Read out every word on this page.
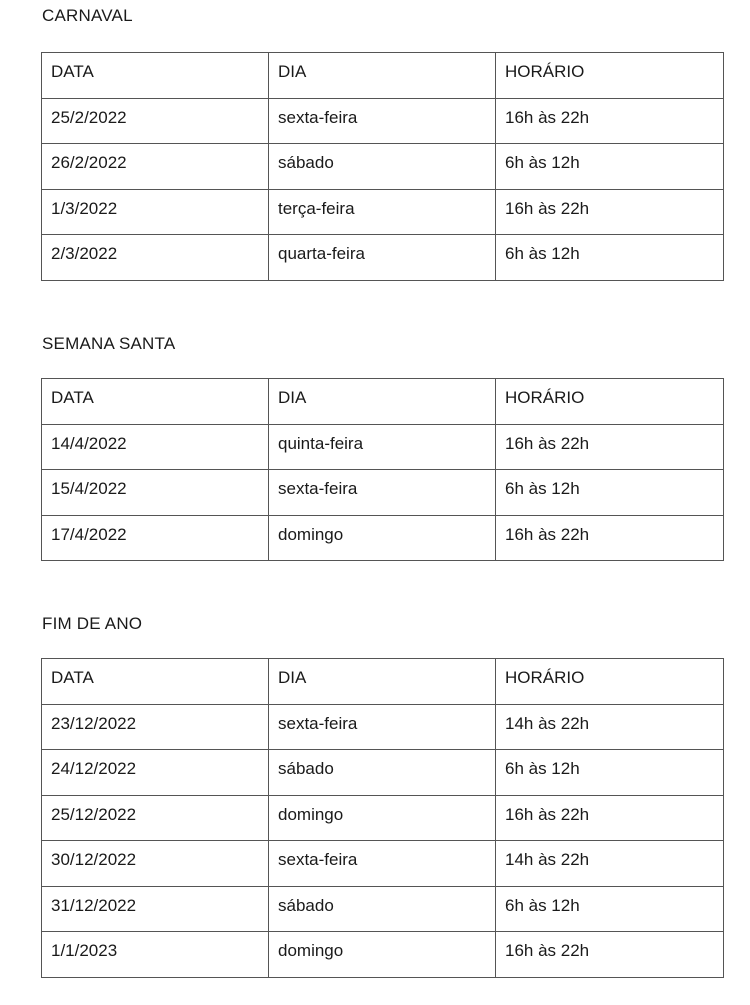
CARNAVAL
DATA	DIA	HORÁRIO

25/2/2022	sexta-feira	16h às 22h

26/2/2022	sábado	6h às 12h

1/3/2022	terça-feira	16h às 22h

2/3/2022	quarta-feira	6h às 12h
SEMANA SANTA
DATA	DIA	HORÁRIO

14/4/2022	quinta-feira	16h às 22h

15/4/2022	sexta-feira	6h às 12h

17/4/2022	domingo	16h às 22h
FIM DE ANO
DATA	DIA	HORÁRIO

23/12/2022	sexta-feira	14h às 22h

24/12/2022	sábado	6h às 12h

25/12/2022	domingo	16h às 22h

30/12/2022	sexta-feira	14h às 22h

31/12/2022	sábado	6h às 12h

1/1/2023	domingo	16h às 22h
